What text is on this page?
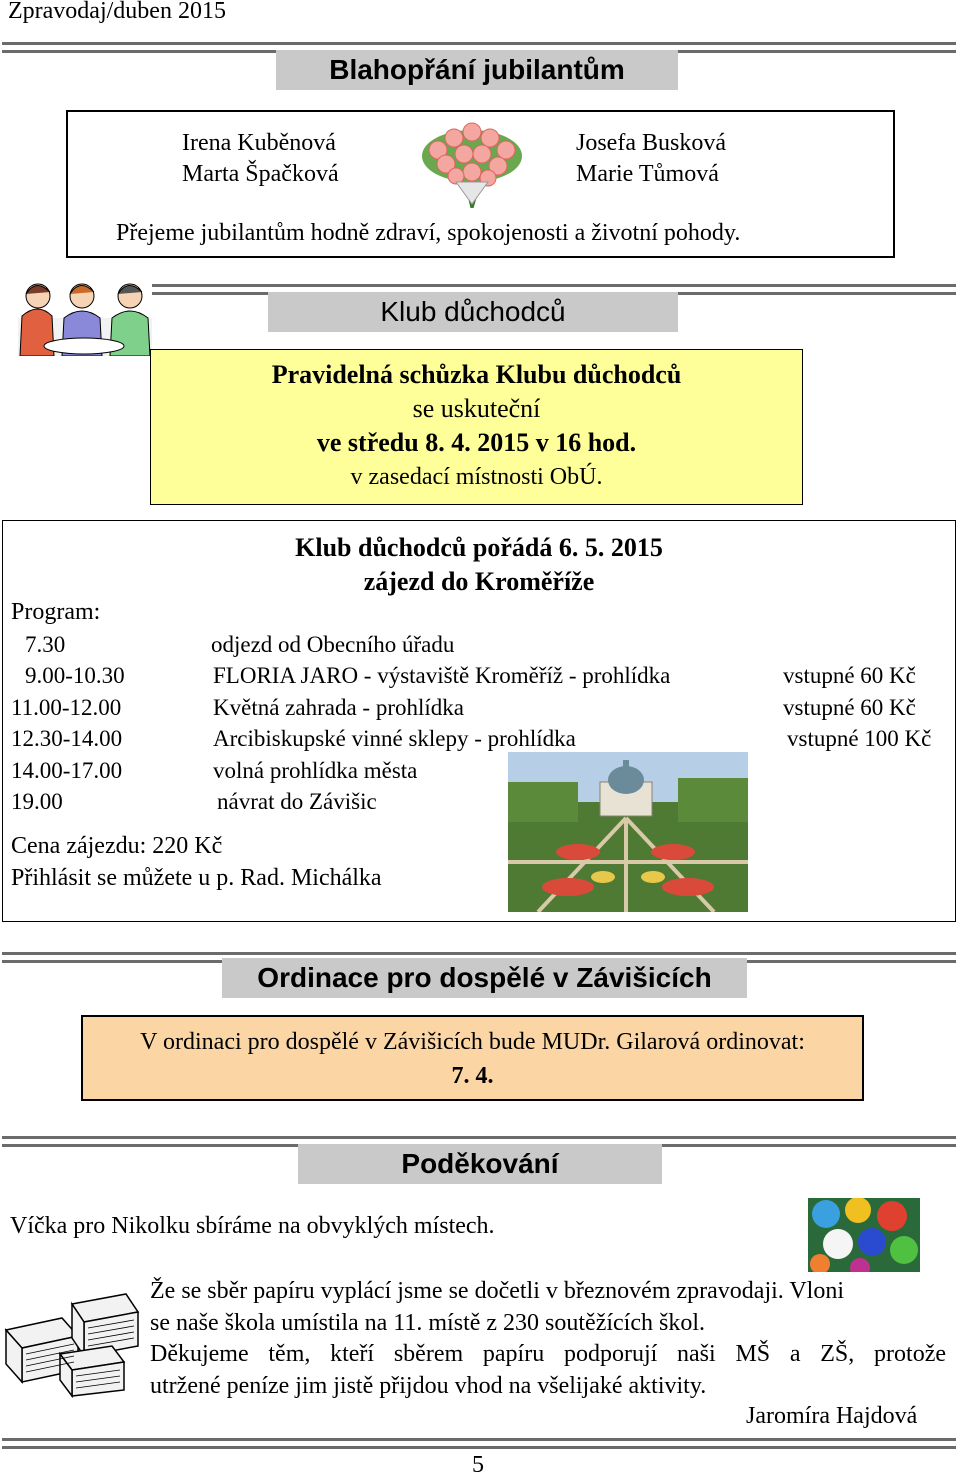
Zpravodaj/duben 2015
Blahopřání jubilantům
Irena Kuběnová
Marta Špačková
Josefa Busková
Marie Tůmová
Přejeme jubilantům hodně zdraví, spokojenosti a životní pohody.
Klub důchodců
Pravidelná schůzka Klubu důchodců
se uskuteční
ve středu 8. 4. 2015 v 16 hod.
v zasedací místnosti ObÚ.
Klub důchodců pořádá 6. 5. 2015
zájezd do Kroměříže
Program:
7.30	odjezd od Obecního úřadu	
9.00-10.30	FLORIA JARO - výstaviště Kroměříž - prohlídka	vstupné 60 Kč
11.00-12.00	Květná zahrada - prohlídka	vstupné 60 Kč
12.30-14.00	Arcibiskupské vinné sklepy - prohlídka	vstupné 100 Kč
14.00-17.00	volná prohlídka města	
19.00	návrat do Závišic	
Cena zájezdu: 220 Kč
Přihlásit se můžete u p. Rad. Michálka
Ordinace pro dospělé v Závišicích
V ordinaci pro dospělé v Závišicích bude MUDr. Gilarová ordinovat:
7. 4.
Poděkování
Víčka pro Nikolku sbíráme na obvyklých místech.
Že se sběr papíru vyplácí jsme se dočetli v březnovém zpravodaji. Vloni
se naše škola umístila na 11. místě z 230 soutěžících škol.
Děkujeme těm, kteří sběrem papíru podporují naši MŠ a ZŠ, protože
utržené peníze jim jistě přijdou vhod na všelijaké aktivity.
Jaromíra Hajdová
5
